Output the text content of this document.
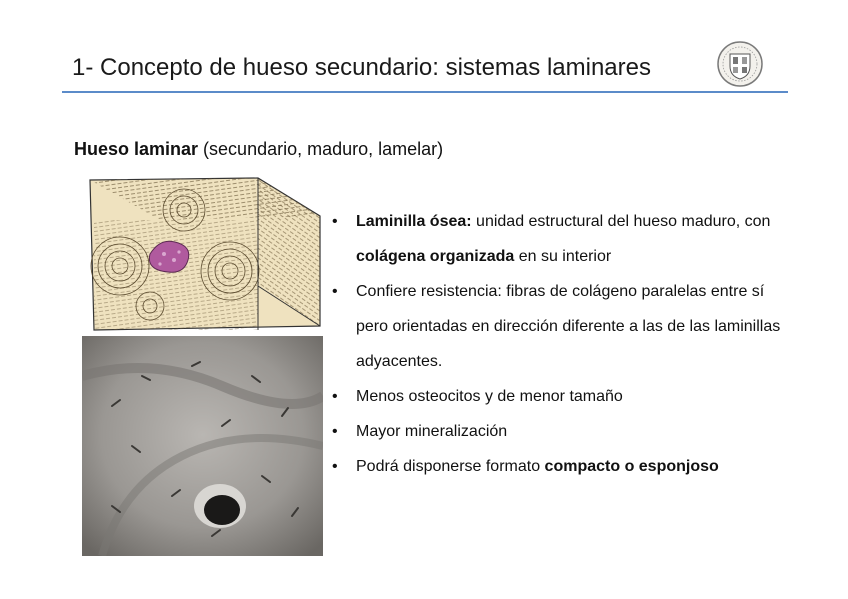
1- Concepto de hueso secundario: sistemas laminares

Hueso laminar (secundario, maduro, lamelar)

• Laminilla ósea: unidad estructural del hueso maduro, con colágena organizada en su interior
• Confiere resistencia: fibras de colágeno paralelas entre sí pero orientadas en dirección diferente a las de las laminillas adyacentes.
• Menos osteocitos y de menor tamaño
• Mayor mineralización
• Podrá disponerse formato compacto o esponjoso
